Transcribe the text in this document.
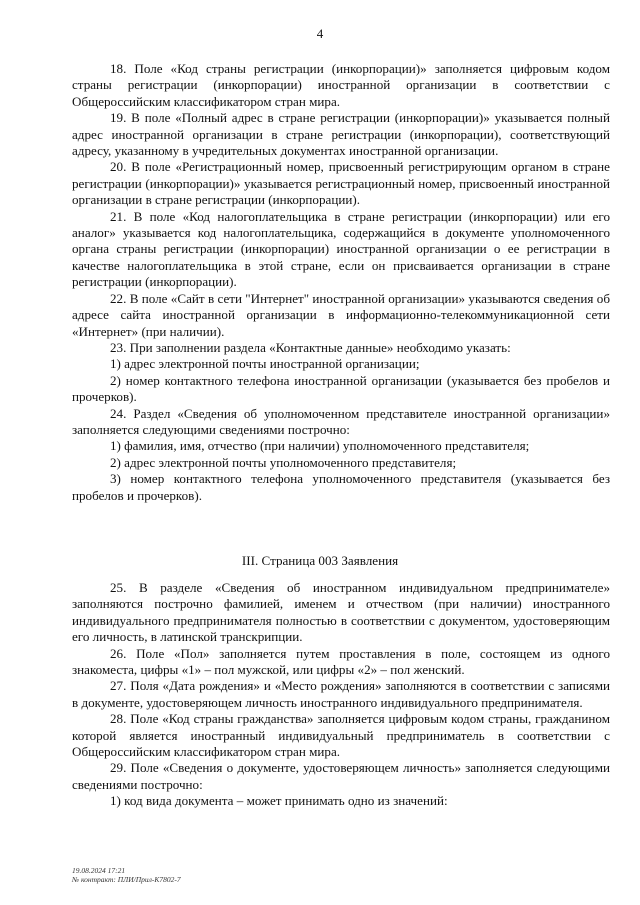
4

18. Поле «Код страны регистрации (инкорпорации)» заполняется цифровым кодом страны регистрации (инкорпорации) иностранной организации в соответствии с Общероссийским классификатором стран мира.

19. В поле «Полный адрес в стране регистрации (инкорпорации)» указывается полный адрес иностранной организации в стране регистрации (инкорпорации), соответствующий адресу, указанному в учредительных документах иностранной организации.

20. В поле «Регистрационный номер, присвоенный регистрирующим органом в стране регистрации (инкорпорации)» указывается регистрационный номер, присвоенный иностранной организации в стране регистрации (инкорпорации).

21. В поле «Код налогоплательщика в стране регистрации (инкорпорации) или его аналог» указывается код налогоплательщика, содержащийся в документе уполномоченного органа страны регистрации (инкорпорации) иностранной организации о ее регистрации в качестве налогоплательщика в этой стране, если он присваивается организации в стране регистрации (инкорпорации).

22. В поле «Сайт в сети "Интернет" иностранной организации» указываются сведения об адресе сайта иностранной организации в информационно-телекоммуникационной сети «Интернет» (при наличии).

23. При заполнении раздела «Контактные данные» необходимо указать:

1) адрес электронной почты иностранной организации;

2) номер контактного телефона иностранной организации (указывается без пробелов и прочерков).

24. Раздел «Сведения об уполномоченном представителе иностранной организации» заполняется следующими сведениями построчно:

1) фамилия, имя, отчество (при наличии) уполномоченного представителя;

2) адрес электронной почты уполномоченного представителя;

3) номер контактного телефона уполномоченного представителя (указывается без пробелов и прочерков).

III. Страница 003 Заявления

25. В разделе «Сведения об иностранном индивидуальном предпринимателе» заполняются построчно фамилией, именем и отчеством (при наличии) иностранного индивидуального предпринимателя полностью в соответствии с документом, удостоверяющим его личность, в латинской транскрипции.

26. Поле «Пол» заполняется путем проставления в поле, состоящем из одного знакоместа, цифры «1» – пол мужской, или цифры «2» – пол женский.

27. Поля «Дата рождения» и «Место рождения» заполняются в соответствии с записями в документе, удостоверяющем личность иностранного индивидуального предпринимателя.

28. Поле «Код страны гражданства» заполняется цифровым кодом страны, гражданином которой является иностранный индивидуальный предприниматель в соответствии с Общероссийским классификатором стран мира.

29. Поле «Сведения о документе, удостоверяющем личность» заполняется следующими сведениями построчно:

1) код вида документа – может принимать одно из значений:

19.08.2024 17:21
№ контракт: ПЛИ/Прил-К7802-7
